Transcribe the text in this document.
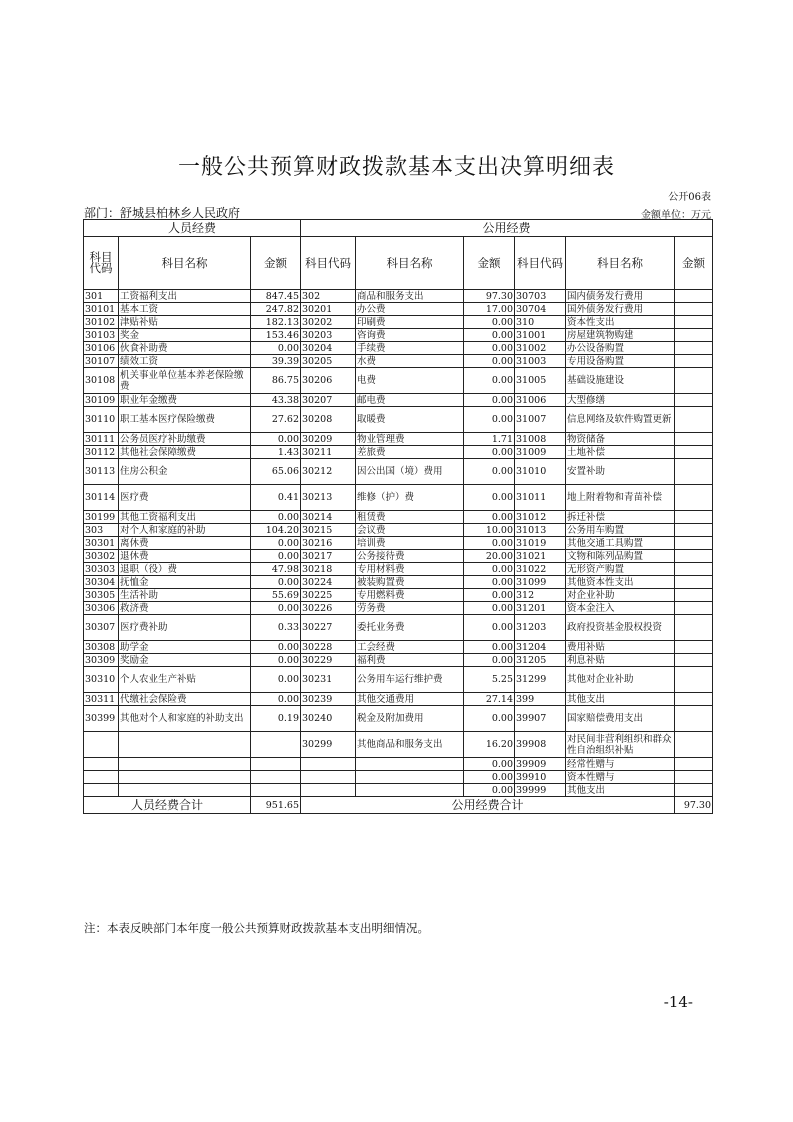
一般公共预算财政拨款基本支出决算明细表
公开06表
部门：舒城县柏林乡人民政府	金额单位：万元
人员经费			公用经费					
科目代码	科目名称	金额	科目代码	科目名称	金额	科目代码	科目名称	金额
301	工资福利支出	847.45	302	商品和服务支出	97.30	30703	国内债务发行费用	
30101	基本工资	247.82	30201	办公费	17.00	30704	国外债务发行费用	
30102	津贴补贴	182.13	30202	印刷费	0.00	310	资本性支出	
30103	奖金	153.46	30203	咨询费	0.00	31001	房屋建筑物购建	
30106	伙食补助费	0.00	30204	手续费	0.00	31002	办公设备购置	
30107	绩效工资	39.39	30205	水费	0.00	31003	专用设备购置	
30108	机关事业单位基本养老保险缴费	86.75	30206	电费	0.00	31005	基础设施建设	
30109	职业年金缴费	43.38	30207	邮电费	0.00	31006	大型修缮	
30110	职工基本医疗保险缴费	27.62	30208	取暖费	0.00	31007	信息网络及软件购置更新	
30111	公务员医疗补助缴费	0.00	30209	物业管理费	1.71	31008	物资储备	
30112	其他社会保障缴费	1.43	30211	差旅费	0.00	31009	土地补偿	
30113	住房公积金	65.06	30212	因公出国（境）费用	0.00	31010	安置补助	
30114	医疗费	0.41	30213	维修（护）费	0.00	31011	地上附着物和青苗补偿	
30199	其他工资福利支出	0.00	30214	租赁费	0.00	31012	拆迁补偿	
303	对个人和家庭的补助	104.20	30215	会议费	10.00	31013	公务用车购置	
30301	离休费	0.00	30216	培训费	0.00	31019	其他交通工具购置	
30302	退休费	0.00	30217	公务接待费	20.00	31021	文物和陈列品购置	
30303	退职（役）费	47.98	30218	专用材料费	0.00	31022	无形资产购置	
30304	抚恤金	0.00	30224	被装购置费	0.00	31099	其他资本性支出	
30305	生活补助	55.69	30225	专用燃料费	0.00	312	对企业补助	
30306	救济费	0.00	30226	劳务费	0.00	31201	资本金注入	
30307	医疗费补助	0.33	30227	委托业务费	0.00	31203	政府投资基金股权投资	
30308	助学金	0.00	30228	工会经费	0.00	31204	费用补贴	
30309	奖励金	0.00	30229	福利费	0.00	31205	利息补贴	
30310	个人农业生产补贴	0.00	30231	公务用车运行维护费	5.25	31299	其他对企业补助	
30311	代缴社会保险费	0.00	30239	其他交通费用	27.14	399	其他支出	
30399	其他对个人和家庭的补助支出	0.19	30240	税金及附加费用	0.00	39907	国家赔偿费用支出	
			30299	其他商品和服务支出	16.20	39908	对民间非营利组织和群众性自治组织补贴	
					0.00	39909	经常性赠与	
					0.00	39910	资本性赠与	
					0.00	39999	其他支出	
人员经费合计		951.65	公用经费合计					97.30
注：本表反映部门本年度一般公共预算财政拨款基本支出明细情况。
-14-
